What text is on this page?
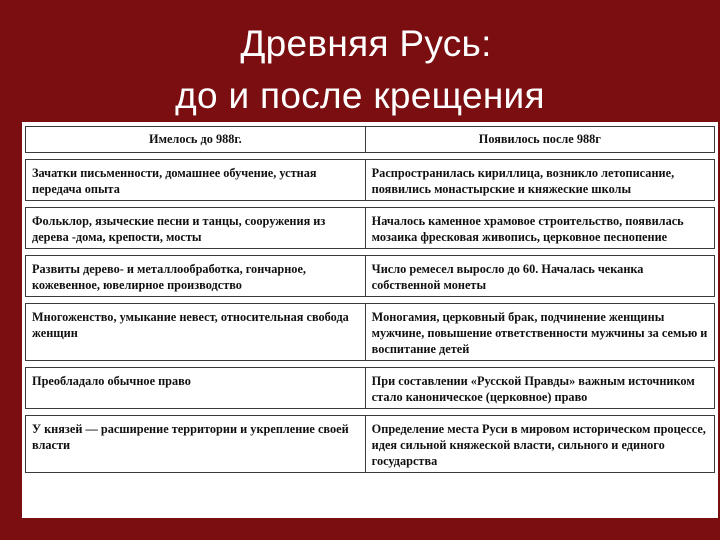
Древняя Русь:
до и после крещения
Имелось до 988г.	Появилось после 988г

Зачатки письменности, домашнее обучение, устная передача опыта	Распространилась кириллица, возникло летописание, появились монастырские и княжеские школы

Фольклор, языческие песни и танцы, сооружения из дерева -дома, крепости, мосты	Началось каменное храмовое строительство, появилась мозаика фресковая живопись, церковное песнопение

Развиты дерево- и металлообработка, гончарное, кожевенное, ювелирное производство	Число ремесел выросло до 60. Началась чеканка собственной монеты

Многоженство, умыкание невест, относительная свобода женщин	Моногамия, церковный брак, подчинение женщины мужчине, повышение ответственности мужчины за семью и воспитание детей

Преобладало обычное право	При составлении «Русской Правды» важным источником стало каноническое (церковное) право

У князей — расширение территории и укрепление своей власти	Определение места Руси в мировом историческом процессе, идея сильной княжеской власти, сильного и единого государства
